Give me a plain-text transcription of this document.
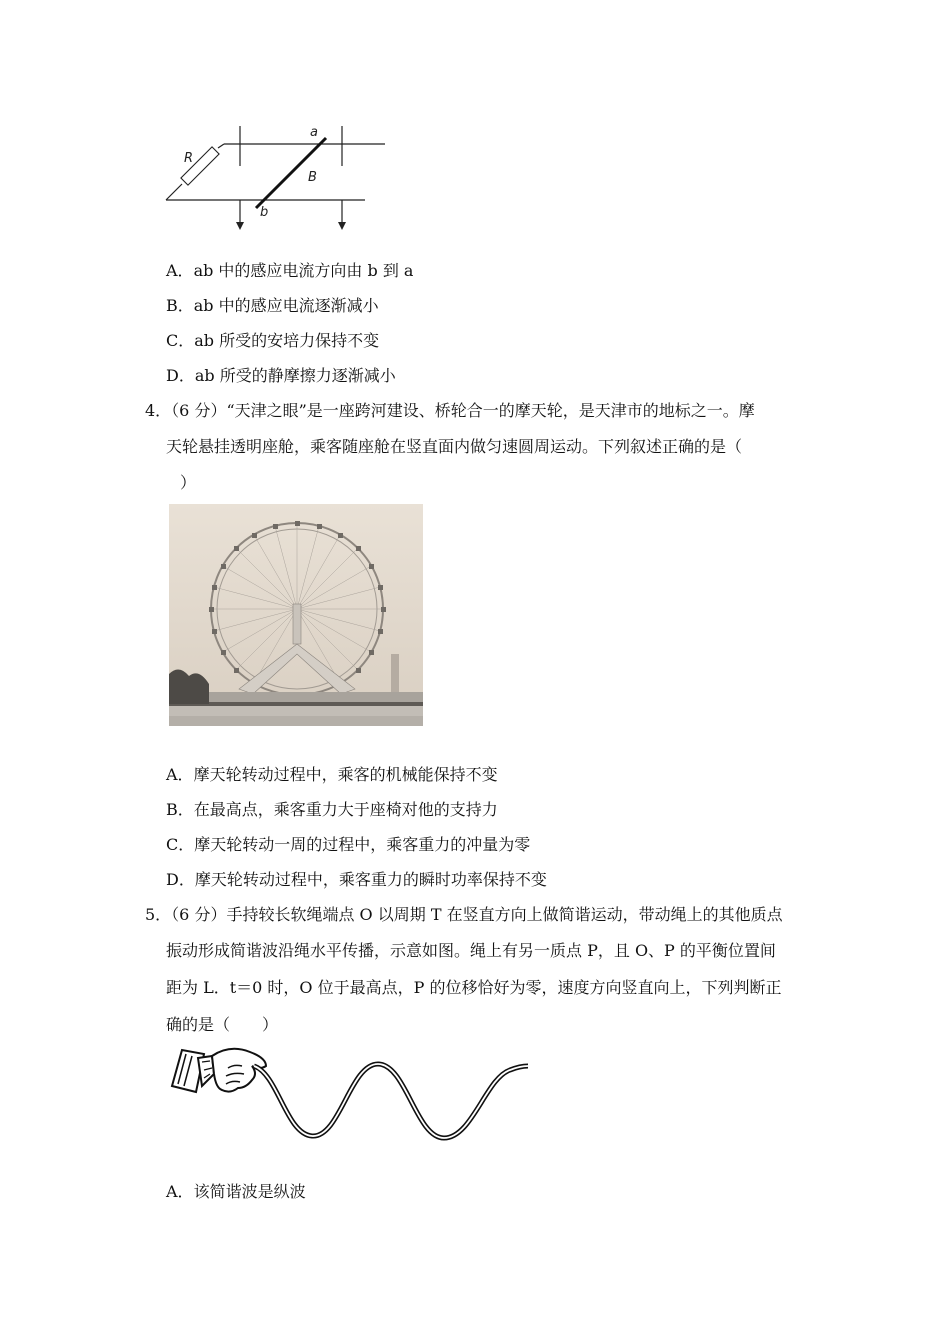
R
a
B
b
A．ab 中的感应电流方向由 b 到 a
B．ab 中的感应电流逐渐减小
C．ab 所受的安培力保持不变
D．ab 所受的静摩擦力逐渐减小
4．（6 分）“天津之眼”是一座跨河建设、桥轮合一的摩天轮，是天津市的地标之一。摩
天轮悬挂透明座舱，乘客随座舱在竖直面内做匀速圆周运动。下列叙述正确的是（
）
A．摩天轮转动过程中，乘客的机械能保持不变
B．在最高点，乘客重力大于座椅对他的支持力
C．摩天轮转动一周的过程中，乘客重力的冲量为零
D．摩天轮转动过程中，乘客重力的瞬时功率保持不变
5．（6 分）手持较长软绳端点 O 以周期 T 在竖直方向上做简谐运动，带动绳上的其他质点
振动形成简谐波沿绳水平传播，示意如图。绳上有另一质点 P，且 O、P 的平衡位置间
距为 L．t＝0 时，O 位于最高点，P 的位移恰好为零，速度方向竖直向上，下列判断正
确的是（　　）
A．该简谐波是纵波
